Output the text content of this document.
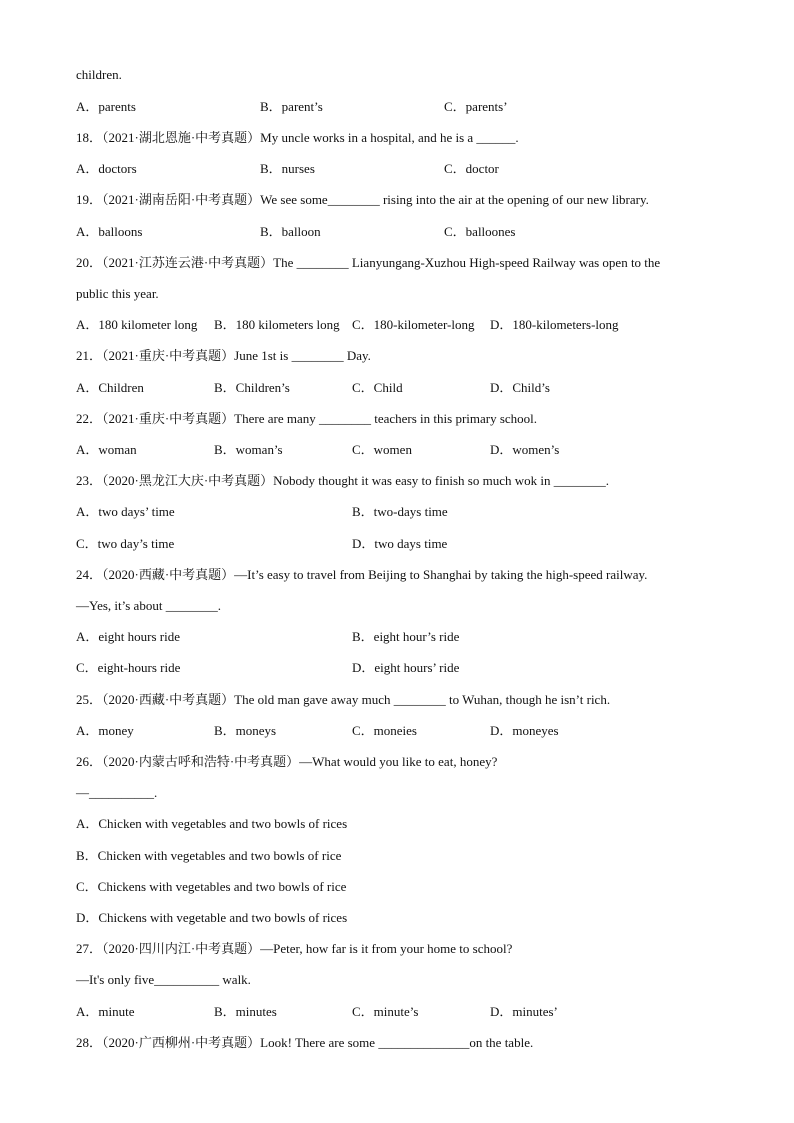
children.
A．parents	B．parent’s	C．parents’
18．（2021·湖北恩施·中考真题）My uncle works in a hospital, and he is a ______.
A．doctors	B．nurses	C．doctor
19．（2021·湖南岳阳·中考真题）We see some________ rising into the air at the opening of our new library.
A．balloons	B．balloon	C．balloones
20．（2021·江苏连云港·中考真题）The ________ Lianyungang-Xuzhou High-speed Railway was open to the
public this year.
A．180 kilometer long B．180 kilometers long C．180-kilometer-long D．180-kilometers-long
21．（2021·重庆·中考真题）June 1st is ________ Day.
A．Children	B．Children’s	C．Child	D．Child’s
22．（2021·重庆·中考真题）There are many ________ teachers in this primary school.
A．woman	B．woman’s	C．women	D．women’s
23．（2020·黑龙江大庆·中考真题）Nobody thought it was easy to finish so much wok in ________.
A．two days’ time	B．two-days time
C．two day’s time	D．two days time
24．（2020·西藏·中考真题）—It’s easy to travel from Beijing to Shanghai by taking the high-speed railway.
—Yes, it’s about ________.
A．eight hours ride	B．eight hour’s ride
C．eight-hours ride	D．eight hours’ ride
25．（2020·西藏·中考真题）The old man gave away much ________ to Wuhan, though he isn’t rich.
A．money	B．moneys	C．moneies	D．moneyes
26．（2020·内蒙古呼和浩特·中考真题）—What would you like to eat, honey?
—__________.
A．Chicken with vegetables and two bowls of rices
B．Chicken with vegetables and two bowls of rice
C．Chickens with vegetables and two bowls of rice
D．Chickens with vegetable and two bowls of rices
27．（2020·四川内江·中考真题）—Peter, how far is it from your home to school?
—It's only five__________ walk.
A．minute	B．minutes	C．minute’s	D．minutes’
28．（2020·广西柳州·中考真题）Look! There are some ______________on the table.
